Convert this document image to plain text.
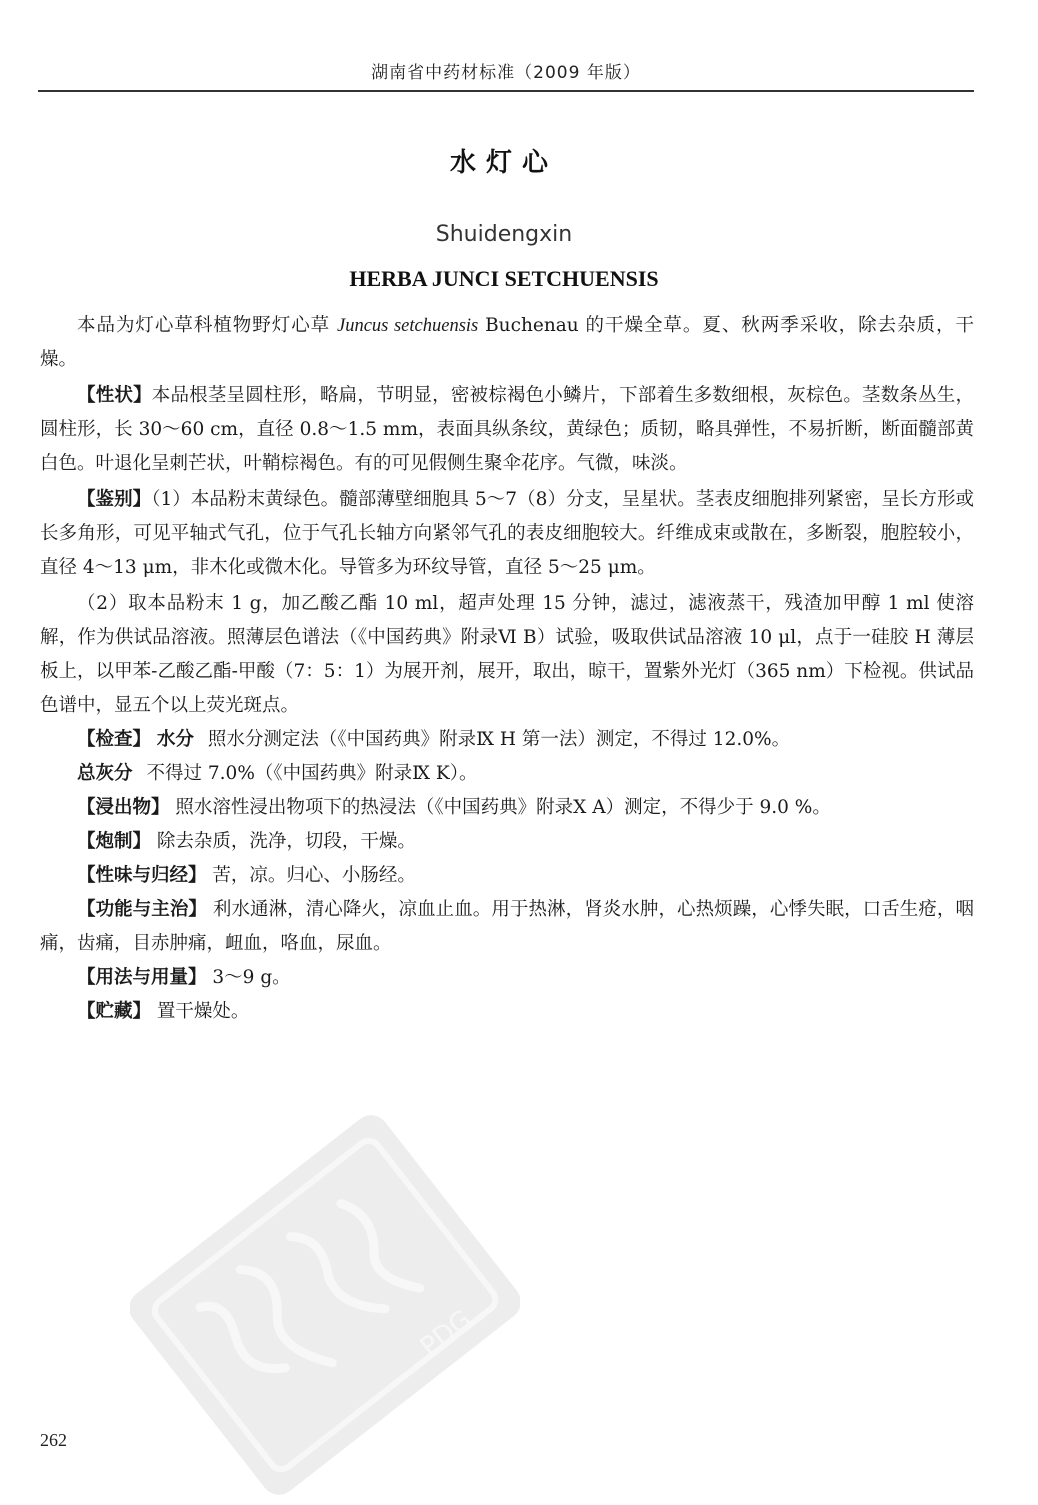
湖南省中药材标准（2009 年版）
水灯心
Shuidengxin
HERBA JUNCI SETCHUENSIS

本品为灯心草科植物野灯心草 Juncus setchuensis Buchenau 的干燥全草。夏、秋两季采收，除去杂质，干燥。

【性状】本品根茎呈圆柱形，略扁，节明显，密被棕褐色小鳞片，下部着生多数细根，灰棕色。茎数条丛生，圆柱形，长 30～60 cm，直径 0.8～1.5 mm，表面具纵条纹，黄绿色；质韧，略具弹性，不易折断，断面髓部黄白色。叶退化呈刺芒状，叶鞘棕褐色。有的可见假侧生聚伞花序。气微，味淡。

【鉴别】（1）本品粉末黄绿色。髓部薄壁细胞具 5～7（8）分支，呈星状。茎表皮细胞排列紧密，呈长方形或长多角形，可见平轴式气孔，位于气孔长轴方向紧邻气孔的表皮细胞较大。纤维成束或散在，多断裂，胞腔较小，直径 4～13 μm，非木化或微木化。导管多为环纹导管，直径 5～25 μm。

（2）取本品粉末 1 g，加乙酸乙酯 10 ml，超声处理 15 分钟，滤过，滤液蒸干，残渣加甲醇 1 ml 使溶解，作为供试品溶液。照薄层色谱法（《中国药典》附录Ⅵ B）试验，吸取供试品溶液 10 μl，点于一硅胶 H 薄层板上，以甲苯-乙酸乙酯-甲酸（7：5：1）为展开剂，展开，取出，晾干，置紫外光灯（365 nm）下检视。供试品色谱中，显五个以上荧光斑点。

【检查】 水分 照水分测定法（《中国药典》附录Ⅸ H 第一法）测定，不得过 12.0%。

总灰分 不得过 7.0%（《中国药典》附录Ⅸ K）。

【浸出物】 照水溶性浸出物项下的热浸法（《中国药典》附录Ⅹ A）测定，不得少于 9.0 %。

【炮制】 除去杂质，洗净，切段，干燥。

【性味与归经】 苦，凉。归心、小肠经。

【功能与主治】 利水通淋，清心降火，凉血止血。用于热淋，肾炎水肿，心热烦躁，心悸失眠，口舌生疮，咽痛，齿痛，目赤肿痛，衄血，咯血，尿血。

【用法与用量】 3～9 g。

【贮藏】 置干燥处。

PDG
262
